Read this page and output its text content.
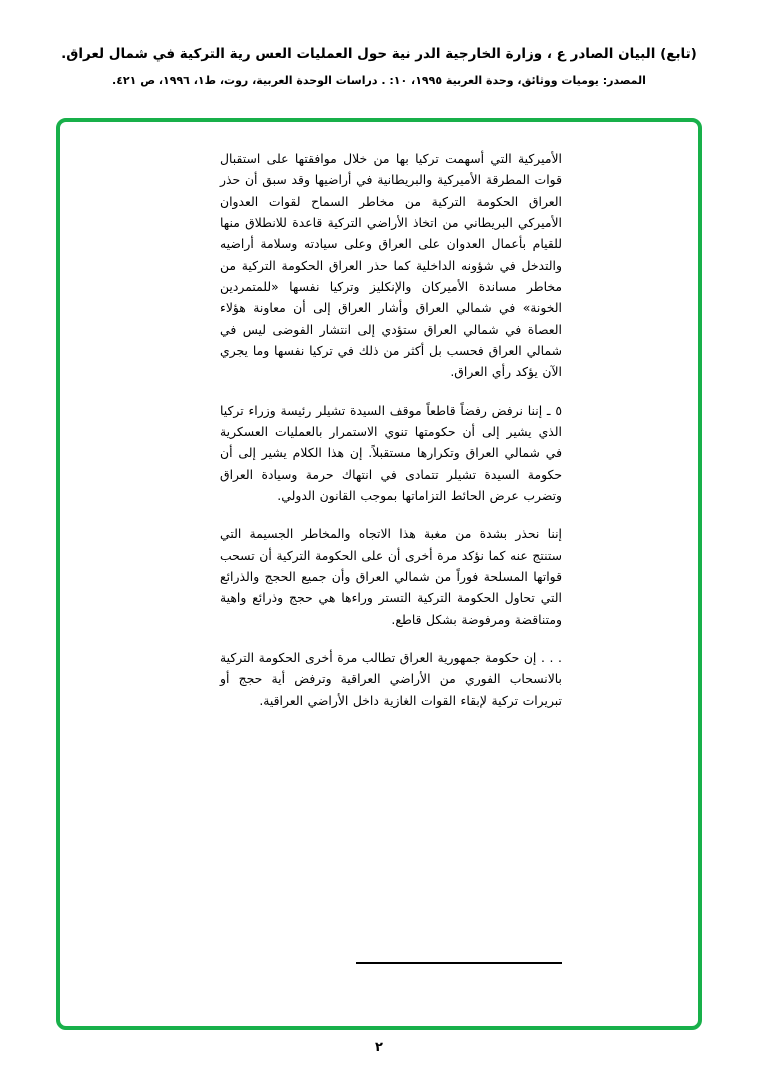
(تابع) البيان الصادر ع ، وزارة الخارجية الدر نية حول العمليات العس رية التركية في شمال لعراق.
المصدر: يوميات ووثائق، وحدة العربية ١٩٩٥، ١٠: . دراسات الوحدة العربية، روت، ط١، ١٩٩٦، ص ٤٢١.

الأميركية التي أسهمت تركيا بها من خلال موافقتها على استقبال قوات المطرقة الأميركية والبريطانية في أراضيها وقد سبق أن حذر العراق الحكومة التركية من مخاطر السماح لقوات العدوان الأميركي البريطاني من اتخاذ الأراضي التركية قاعدة للانطلاق منها للقيام بأعمال العدوان على العراق وعلى سيادته وسلامة أراضيه والتدخل في شؤونه الداخلية كما حذر العراق الحكومة التركية من مخاطر مساندة الأميركان والإنكليز وتركيا نفسها «للمتمردين الخونة» في شمالي العراق وأشار العراق إلى أن معاونة هؤلاء العصاة في شمالي العراق ستؤدي إلى انتشار الفوضى ليس في شمالي العراق فحسب بل أكثر من ذلك في تركيا نفسها وما يجري الآن يؤكد رأي العراق.

٥ ـ إننا نرفض رفضاً قاطعاً موقف السيدة تشيلر رئيسة وزراء تركيا الذي يشير إلى أن حكومتها تنوي الاستمرار بالعمليات العسكرية في شمالي العراق وتكرارها مستقبلاً. إن هذا الكلام يشير إلى أن حكومة السيدة تشيلر تتمادى في انتهاك حرمة وسيادة العراق وتضرب عرض الحائط التزاماتها بموجب القانون الدولي.

إننا نحذر بشدة من مغبة هذا الاتجاه والمخاطر الجسيمة التي ستنتج عنه كما نؤكد مرة أخرى أن على الحكومة التركية أن تسحب قواتها المسلحة فوراً من شمالي العراق وأن جميع الحجج والذرائع التي تحاول الحكومة التركية التستر وراءها هي حجج وذرائع واهية ومتناقضة ومرفوضة بشكل قاطع.

. . . إن حكومة جمهورية العراق تطالب مرة أخرى الحكومة التركية بالانسحاب الفوري من الأراضي العراقية وترفض أية حجج أو تبريرات تركية لإبقاء القوات الغازية داخل الأراضي العراقية.

٢
